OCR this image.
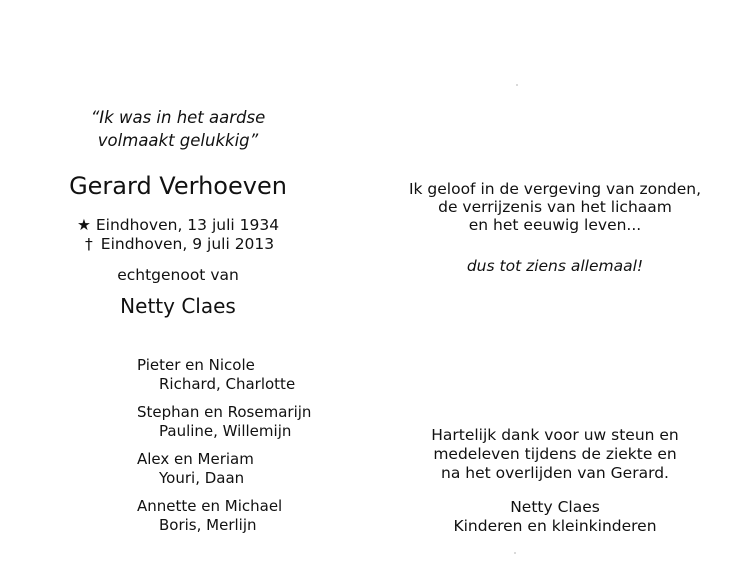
“Ik was in het aardse
volmaakt gelukkig”
Gerard Verhoeven
★ Eindhoven, 13 juli 1934
† Eindhoven, 9 juli 2013
echtgenoot van
Netty Claes
Pieter en Nicole
Richard, Charlotte
Stephan en Rosemarijn
Pauline, Willemijn
Alex en Meriam
Youri, Daan
Annette en Michael
Boris, Merlijn
Ik geloof in de vergeving van zonden,
de verrijzenis van het lichaam
en het eeuwig leven...
dus tot ziens allemaal!
Hartelijk dank voor uw steun en
medeleven tijdens de ziekte en
na het overlijden van Gerard.
Netty Claes
Kinderen en kleinkinderen
